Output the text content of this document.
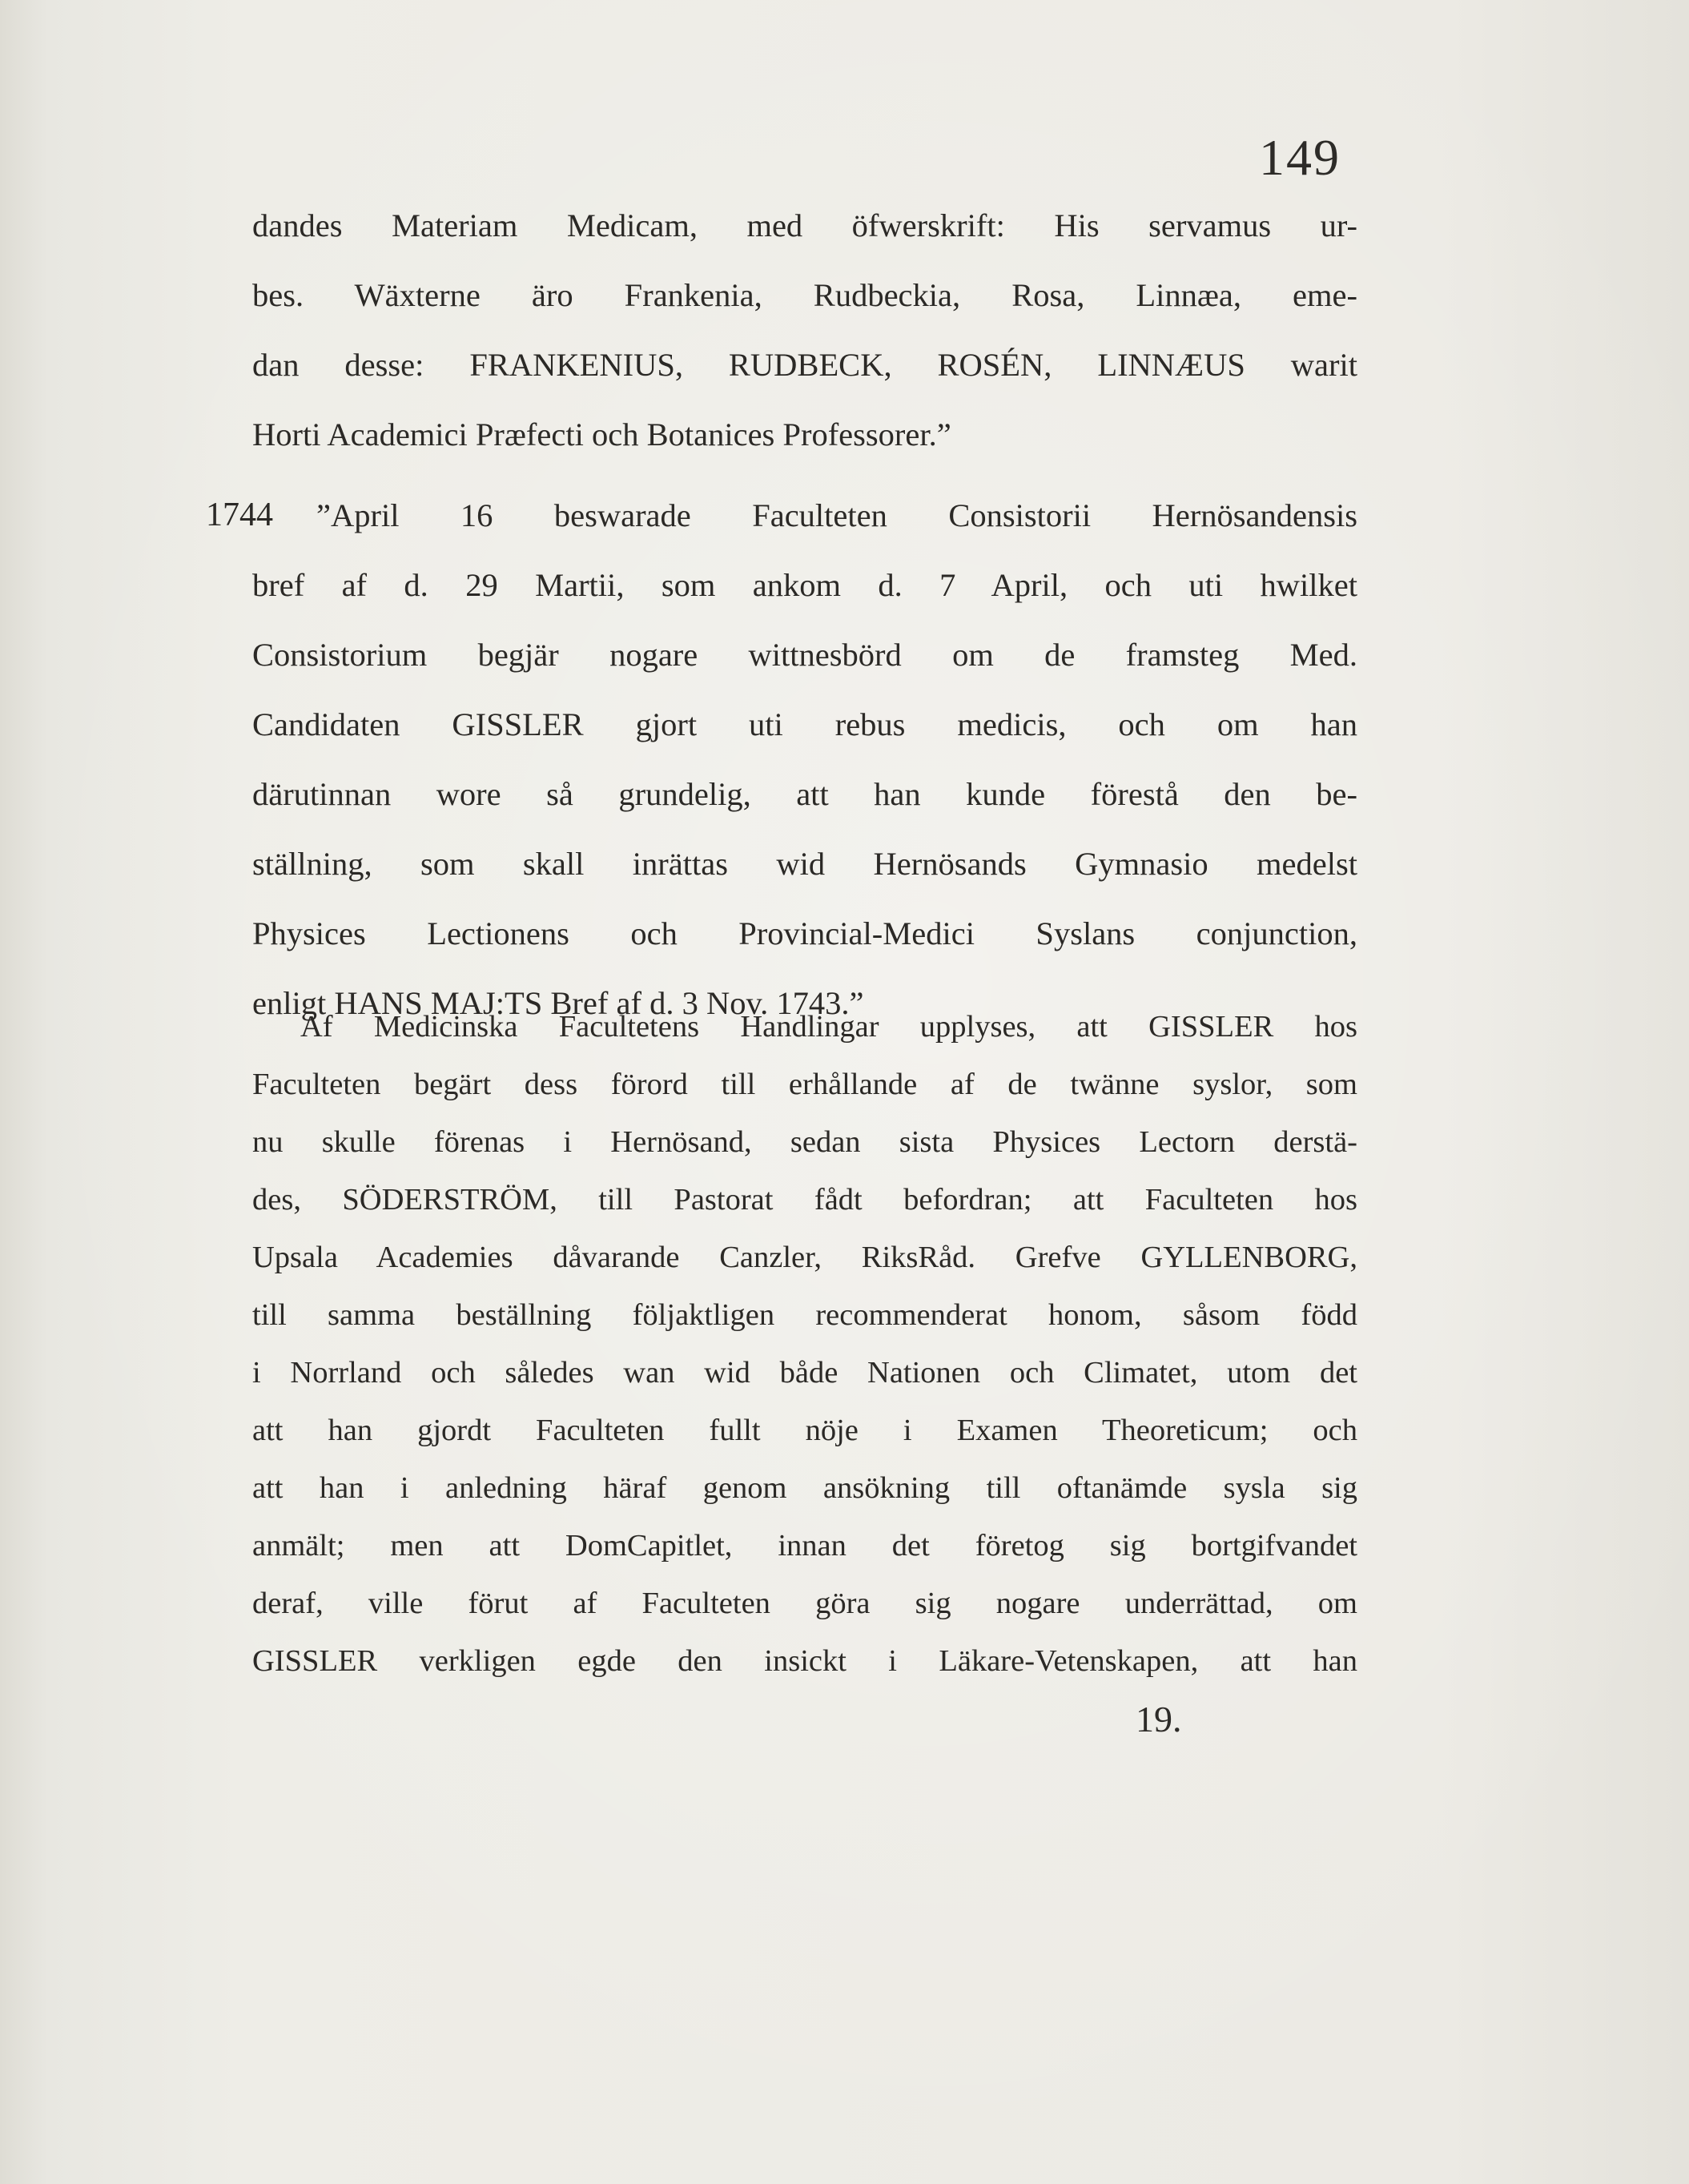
149
dandes Materiam Medicam, med öfwerskrift: His servamus ur-
bes. Wäxterne äro Frankenia, Rudbeckia, Rosa, Linnæa, eme-
dan desse: FRANKENIUS, RUDBECK, ROSÉN, LINNÆUS warit
Horti Academici Præfecti och Botanices Professorer.”
1744	”April 16 beswarade Faculteten Consistorii Hernösandensis
bref af d. 29 Martii, som ankom d. 7 April, och uti hwilket
Consistorium begjär nogare wittnesbörd om de framsteg Med.
Candidaten GISSLER gjort uti rebus medicis, och om han
därutinnan wore så grundelig, att han kunde förestå den be-
ställning, som skall inrättas wid Hernösands Gymnasio medelst
Physices Lectionens och Provincial-Medici Syslans conjunction,
enligt HANS MAJ:TS Bref af d. 3 Nov. 1743.”
Af Medicinska Facultetens Handlingar upplyses, att GISSLER hos
Faculteten begärt dess förord till erhållande af de twänne syslor, som
nu skulle förenas i Hernösand, sedan sista Physices Lectorn derstä-
des, SÖDERSTRÖM, till Pastorat fådt befordran; att Faculteten hos
Upsala Academies dåvarande Canzler, RiksRåd. Grefve GYLLENBORG,
till samma beställning följaktligen recommenderat honom, såsom född
i Norrland och således wan wid både Nationen och Climatet, utom det
att han gjordt Faculteten fullt nöje i Examen Theoreticum; och
att han i anledning häraf genom ansökning till oftanämde sysla sig
anmält; men att DomCapitlet, innan det företog sig bortgifvandet
deraf, ville förut af Faculteten göra sig nogare underrättad, om
GISSLER verkligen egde den insickt i Läkare-Vetenskapen, att han
19.
